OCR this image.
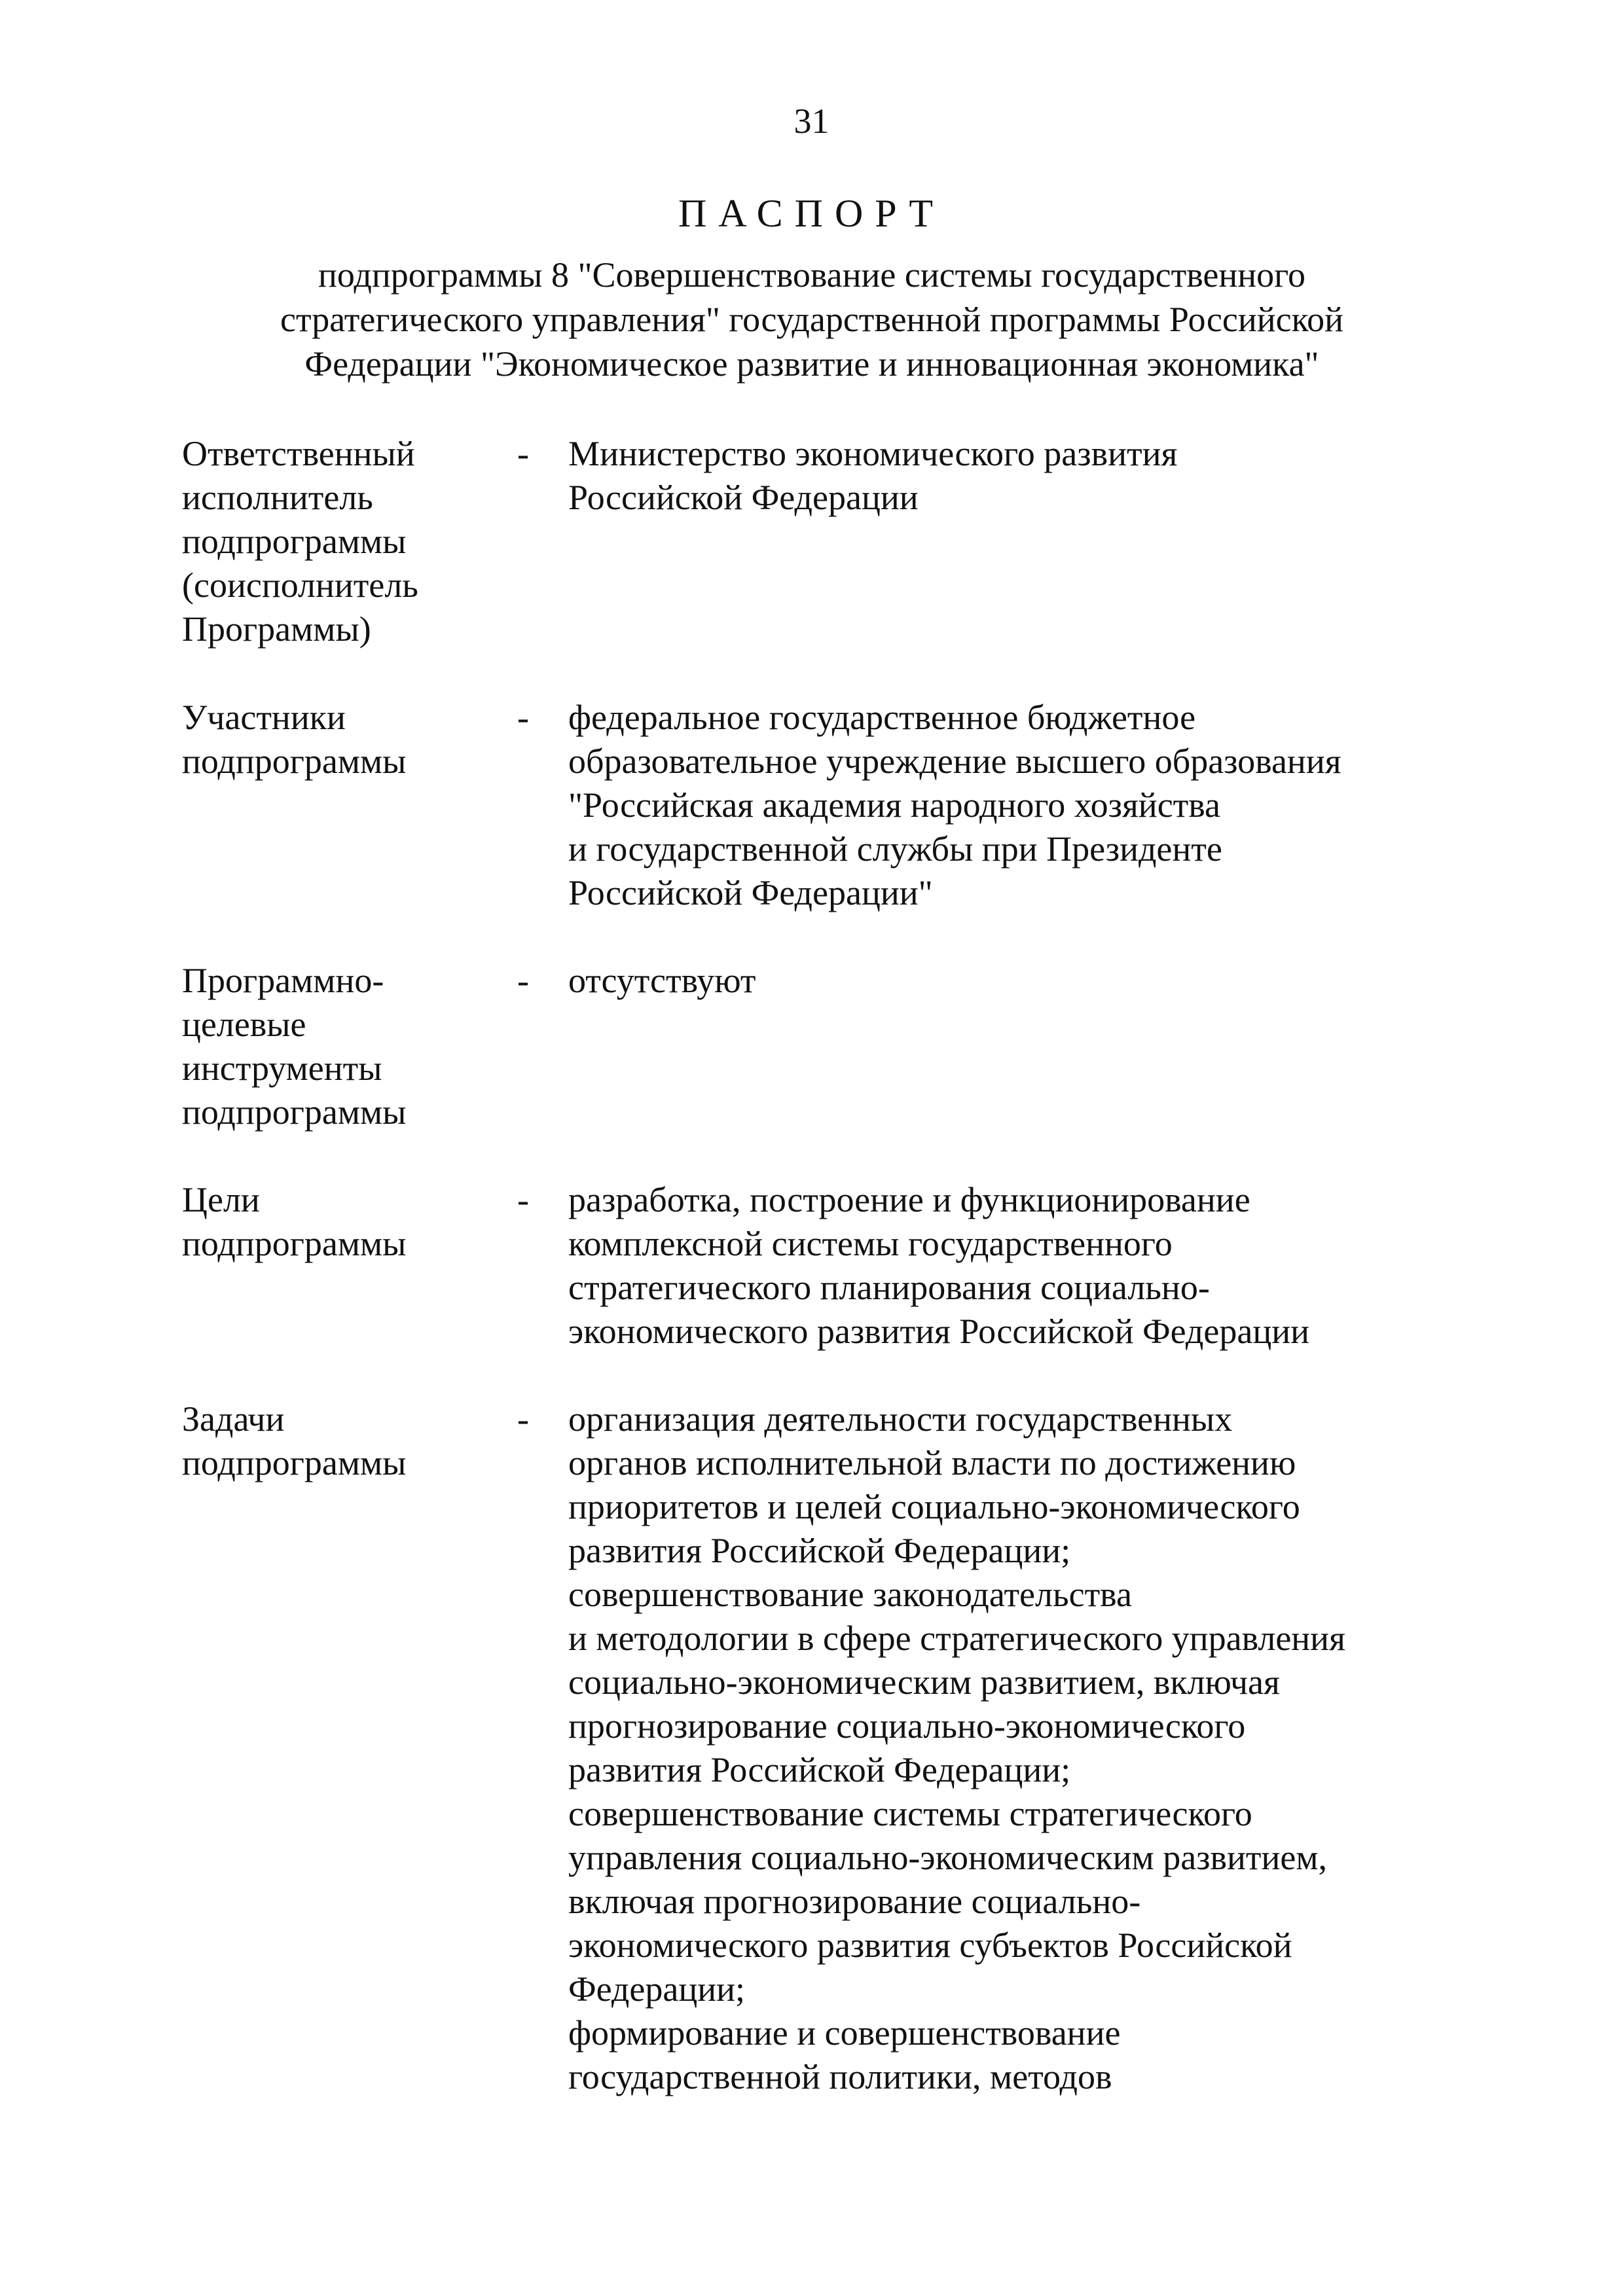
31
ПАСПОРТ
подпрограммы 8 "Совершенствование системы государственного
стратегического управления" государственной программы Российской
Федерации "Экономическое развитие и инновационная экономика"
Ответственный
исполнитель
подпрограммы
(соисполнитель
Программы)
- Министерство экономического развития
Российской Федерации
Участники
подпрограммы
- федеральное государственное бюджетное
образовательное учреждение высшего образования
"Российская академия народного хозяйства
и государственной службы при Президенте
Российской Федерации"
Программно-
целевые
инструменты
подпрограммы
- отсутствуют
Цели
подпрограммы
- разработка, построение и функционирование
комплексной системы государственного
стратегического планирования социально-
экономического развития Российской Федерации
Задачи
подпрограммы
- организация деятельности государственных
органов исполнительной власти по достижению
приоритетов и целей социально-экономического
развития Российской Федерации;
совершенствование законодательства
и методологии в сфере стратегического управления
социально-экономическим развитием, включая
прогнозирование социально-экономического
развития Российской Федерации;
совершенствование системы стратегического
управления социально-экономическим развитием,
включая прогнозирование социально-
экономического развития субъектов Российской
Федерации;
формирование и совершенствование
государственной политики, методов
